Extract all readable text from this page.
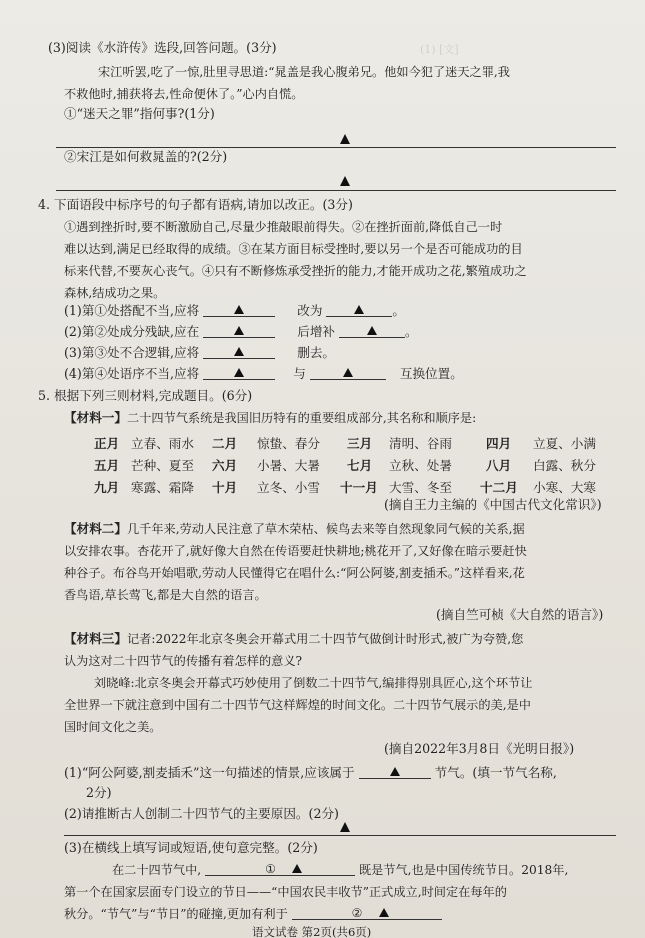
(1) [文]
(3)阅读《水浒传》选段,回答问题。(3分)
宋江听罢,吃了一惊,肚里寻思道:“晁盖是我心腹弟兄。他如今犯了迷天之罪,我
不救他时,捕获将去,性命便休了。”心内自慌。
①“迷天之罪”指何事?(1分)
②宋江是如何救晁盖的?(2分)
4. 下面语段中标序号的句子都有语病,请加以改正。(3分)
①遇到挫折时,要不断激励自己,尽量少推敲眼前得失。②在挫折面前,降低自己一时
难以达到,满足已经取得的成绩。③在某方面目标受挫时,要以另一个是否可能成功的目
标来代替,不要灰心丧气。④只有不断修炼承受挫折的能力,才能开成功之花,繁殖成功之
森林,结成功之果。
(1)第①处搭配不当,应将	改为	。
(2)第②处成分残缺,应在	后增补	。
(3)第③处不合逻辑,应将	删去。
(4)第④处语序不当,应将	与	互换位置。
5. 根据下列三则材料,完成题目。(6分)
【材料一】二十四节气系统是我国旧历特有的重要组成部分,其名称和顺序是:
正月 立春、雨水 二月 惊蛰、春分 三月 清明、谷雨	四月 立夏、小满
五月 芒种、夏至 六月 小暑、大暑 七月 立秋、处暑	八月 白露、秋分
九月 寒露、霜降 十月 立冬、小雪 十一月 大雪、冬至 十二月 小寒、大寒
(摘自王力主编的《中国古代文化常识》)
【材料二】几千年来,劳动人民注意了草木荣枯、候鸟去来等自然现象同气候的关系,据
以安排农事。杏花开了,就好像大自然在传语要赶快耕地;桃花开了,又好像在暗示要赶快
种谷子。布谷鸟开始唱歌,劳动人民懂得它在唱什么:“阿公阿婆,割麦插禾。”这样看来,花
香鸟语,草长莺飞,都是大自然的语言。
(摘自竺可桢《大自然的语言》)
【材料三】记者:2022年北京冬奥会开幕式用二十四节气做倒计时形式,被广为夸赞,您
认为这对二十四节气的传播有着怎样的意义?
刘晓峰:北京冬奥会开幕式巧妙使用了倒数二十四节气,编排得别具匠心,这个环节让
全世界一下就注意到中国有二十四节气这样辉煌的时间文化。二十四节气展示的美,是中
国时间文化之美。
(摘自2022年3月8日《光明日报》)
(1)“阿公阿婆,割麦插禾”这一句描述的情景,应该属于	节气。(填一节气名称,
2分)
(2)请推断古人创制二十四节气的主要原因。(2分)
(3)在横线上填写词或短语,使句意完整。(2分)
在二十四节气中,	①	既是节气,也是中国传统节日。2018年,
第一个在国家层面专门设立的节日——“中国农民丰收节”正式成立,时间定在每年的
秋分。“节气”与“节日”的碰撞,更加有利于	②
语文试卷 第2页(共6页)
